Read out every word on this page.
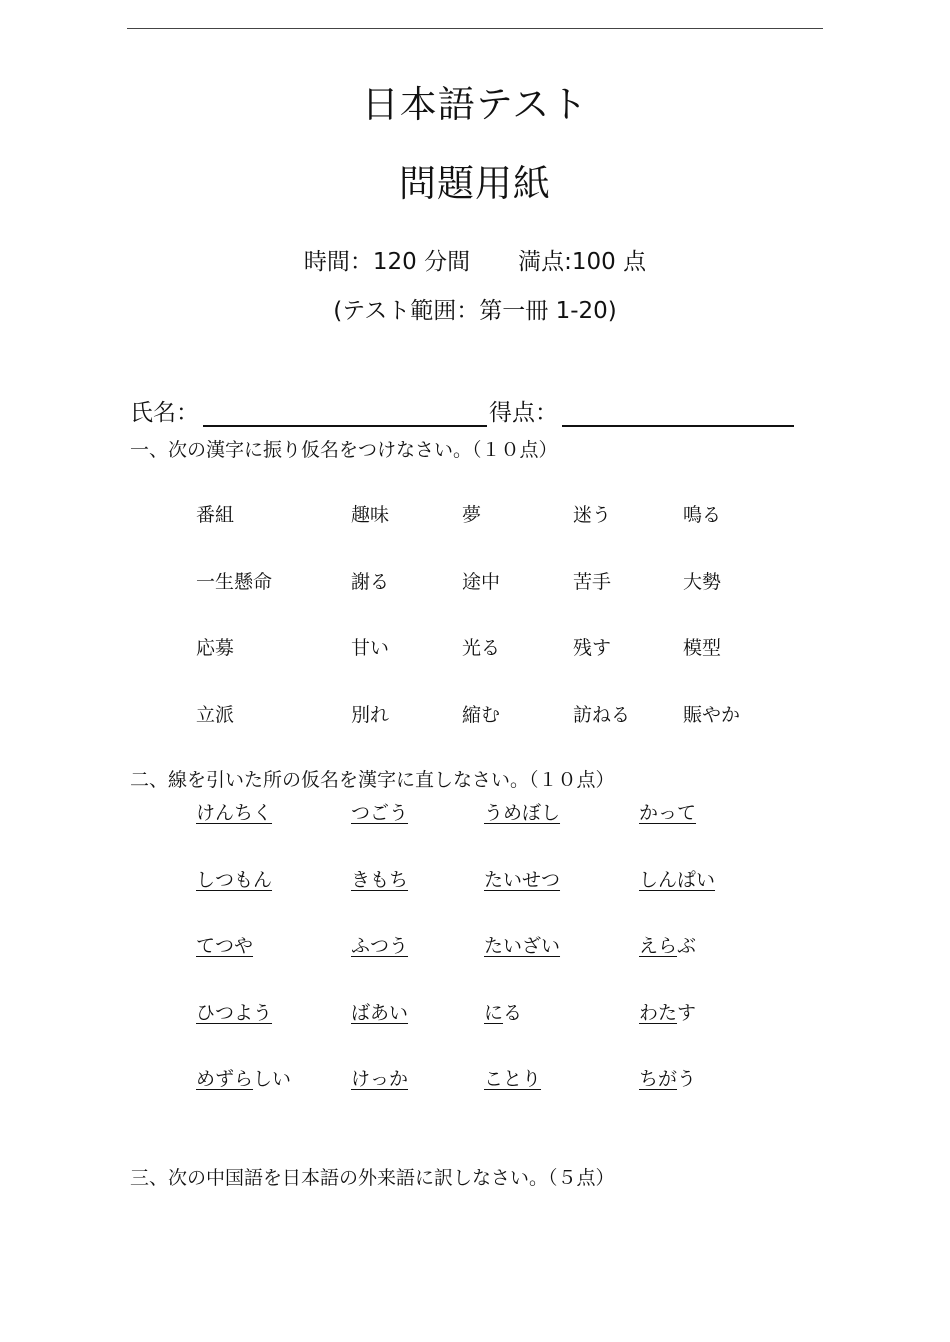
日本語テスト
問題用紙
時間：120 分間 満点:100 点
(テスト範囲：第一冊 1-20)
氏名：	得点：
一、次の漢字に振り仮名をつけなさい。（１０点）
番組	趣味	夢	迷う	鳴る
一生懸命	謝る	途中	苦手	大勢
応募	甘い	光る	残す	模型
立派	別れ	縮む	訪ねる	賑やか
二、線を引いた所の仮名を漢字に直しなさい。（１０点）
けんちく	つごう	うめぼし	かって
しつもん	きもち	たいせつ	しんぱい
てつや	ふつう	たいざい	えらぶ
ひつよう	ばあい	にる	わたす
めずらしい	けっか	ことり	ちがう
三、次の中国語を日本語の外来語に訳しなさい。（５点）
